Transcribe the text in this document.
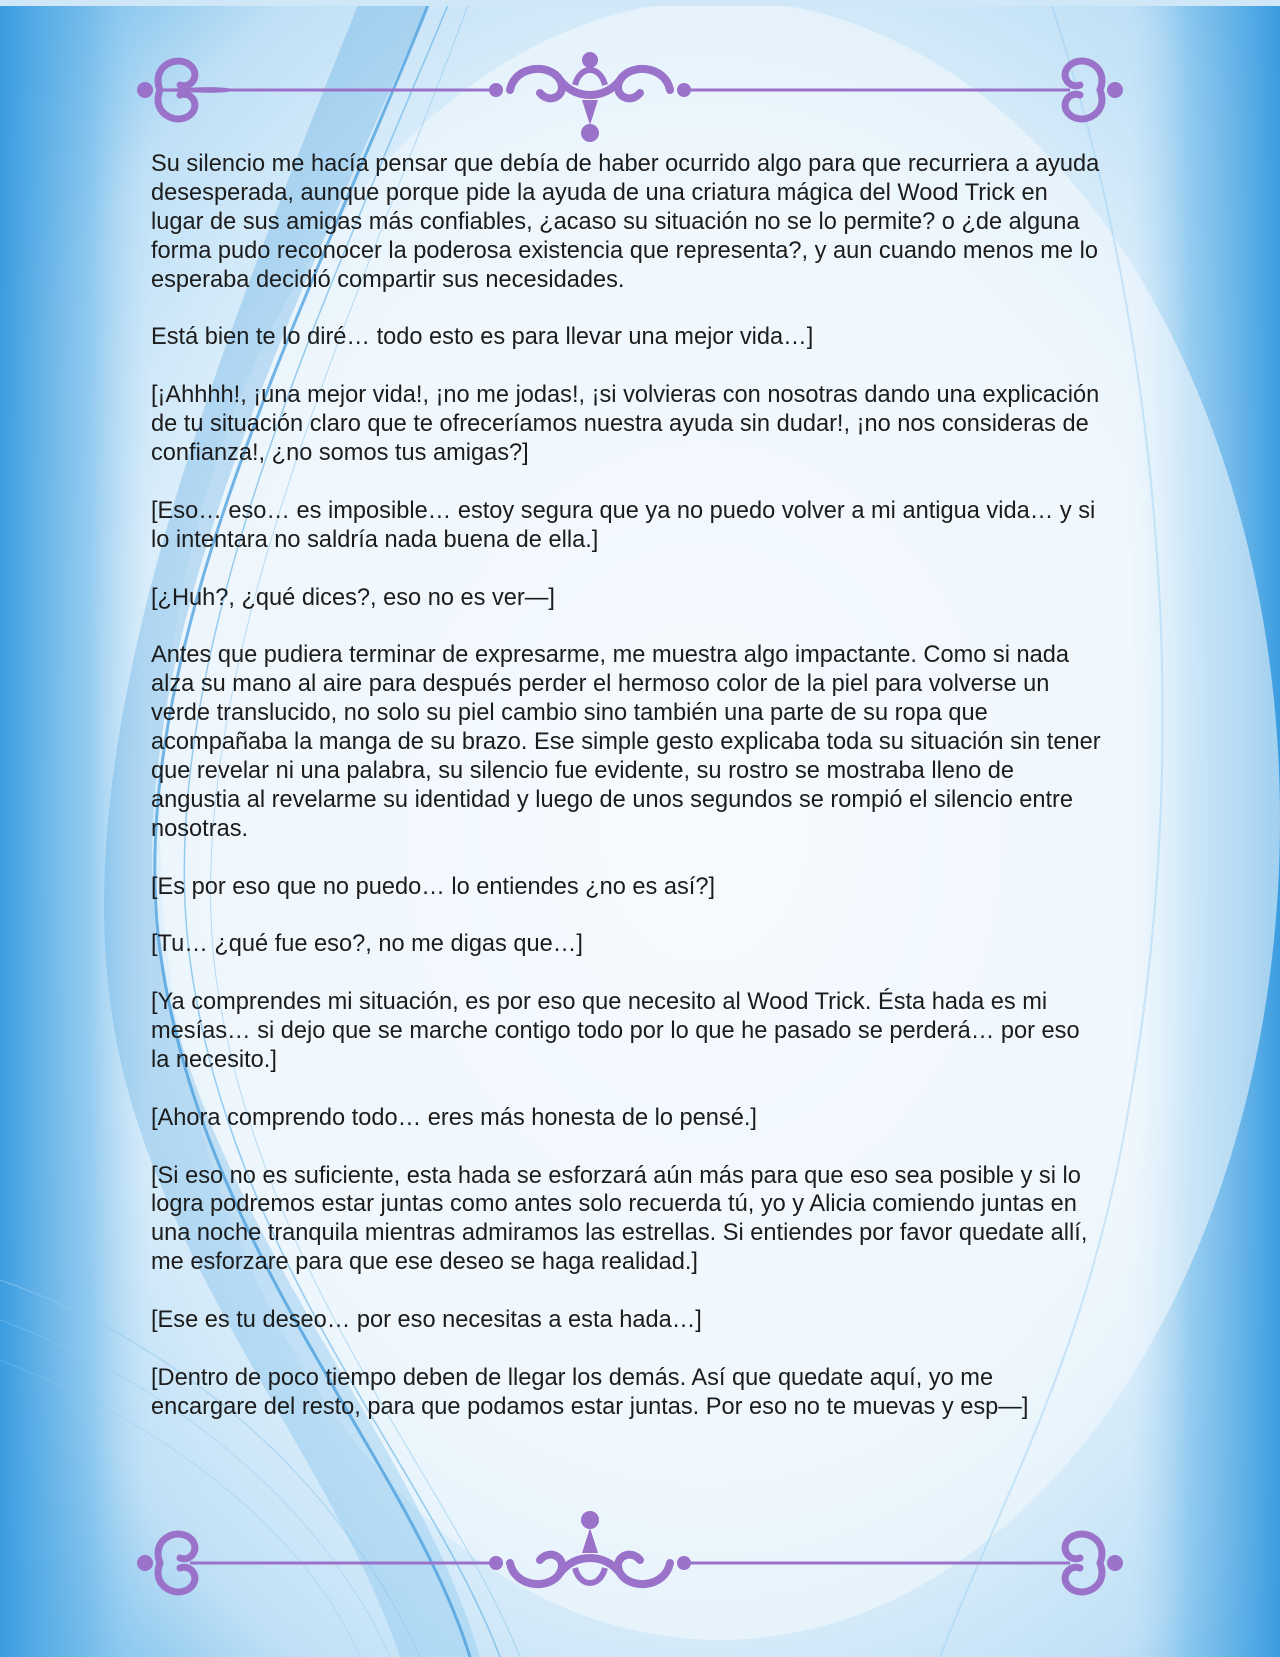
Su silencio me hacía pensar que debía de haber ocurrido algo para que recurriera a ayuda desesperada, aunque porque pide la ayuda de una criatura mágica del Wood Trick en lugar de sus amigas más confiables, ¿acaso su situación no se lo permite? o ¿de alguna forma pudo reconocer la poderosa existencia que representa?, y aun cuando menos me lo esperaba decidió compartir sus necesidades.

Está bien te lo diré… todo esto es para llevar una mejor vida…]

[¡Ahhhh!, ¡una mejor vida!, ¡no me jodas!, ¡si volvieras con nosotras dando una explicación de tu situación claro que te ofreceríamos nuestra ayuda sin dudar!, ¡no nos consideras de confianza!, ¿no somos tus amigas?]

[Eso… eso… es imposible… estoy segura que ya no puedo volver a mi antigua vida… y si lo intentara no saldría nada buena de ella.]

[¿Huh?, ¿qué dices?, eso no es ver—]

Antes que pudiera terminar de expresarme, me muestra algo impactante. Como si nada alza su mano al aire para después perder el hermoso color de la piel para volverse un verde translucido, no solo su piel cambio sino también una parte de su ropa que acompañaba la manga de su brazo. Ese simple gesto explicaba toda su situación sin tener que revelar ni una palabra, su silencio fue evidente, su rostro se mostraba lleno de angustia al revelarme su identidad y luego de unos segundos se rompió el silencio entre nosotras.

[Es por eso que no puedo… lo entiendes ¿no es así?]

[Tu… ¿qué fue eso?, no me digas que…]

[Ya comprendes mi situación, es por eso que necesito al Wood Trick. Ésta hada es mi mesías… si dejo que se marche contigo todo por lo que he pasado se perderá… por eso la necesito.]

[Ahora comprendo todo… eres más honesta de lo pensé.]

[Si eso no es suficiente, esta hada se esforzará aún más para que eso sea posible y si lo logra podremos estar juntas como antes solo recuerda tú, yo y Alicia comiendo juntas en una noche tranquila mientras admiramos las estrellas. Si entiendes por favor quedate allí, me esforzare para que ese deseo se haga realidad.]

[Ese es tu deseo… por eso necesitas a esta hada…]

[Dentro de poco tiempo deben de llegar los demás. Así que quedate aquí, yo me encargare del resto, para que podamos estar juntas. Por eso no te muevas y esp—]
